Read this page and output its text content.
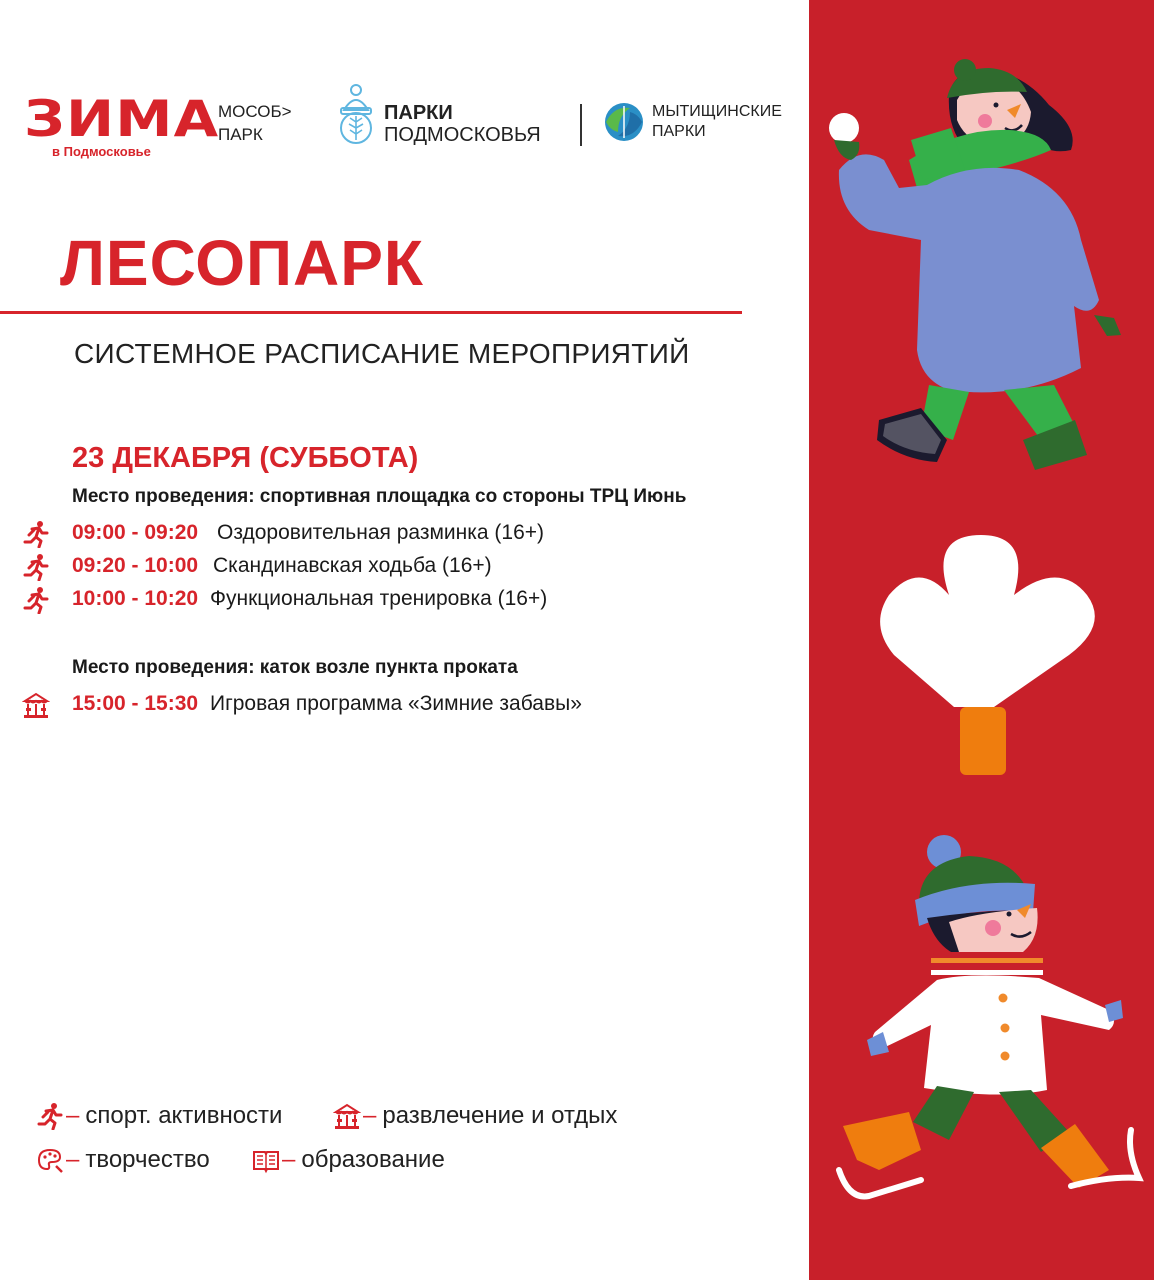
ЗИМА
в Подмосковье
МОСОБ>
ПАРК
ПАРКИ
ПОДМОСКОВЬЯ
МЫТИЩИНСКИЕ
ПАРКИ
ЛЕСОПАРК
СИСТЕМНОЕ РАСПИСАНИЕ МЕРОПРИЯТИЙ
23 ДЕКАБРЯ (СУББОТА)
Место проведения: спортивная площадка со стороны ТРЦ Июнь
09:00 - 09:20 Оздоровительная разминка (16+)
09:20 - 10:00 Скандинавская ходьба (16+)
10:00 - 10:20 Функциональная тренировка (16+)
Место проведения: каток возле пункта проката
15:00 - 15:30 Игровая программа «Зимние забавы»
– спорт. активности	– развлечение и отдых
– творчество	– образование
